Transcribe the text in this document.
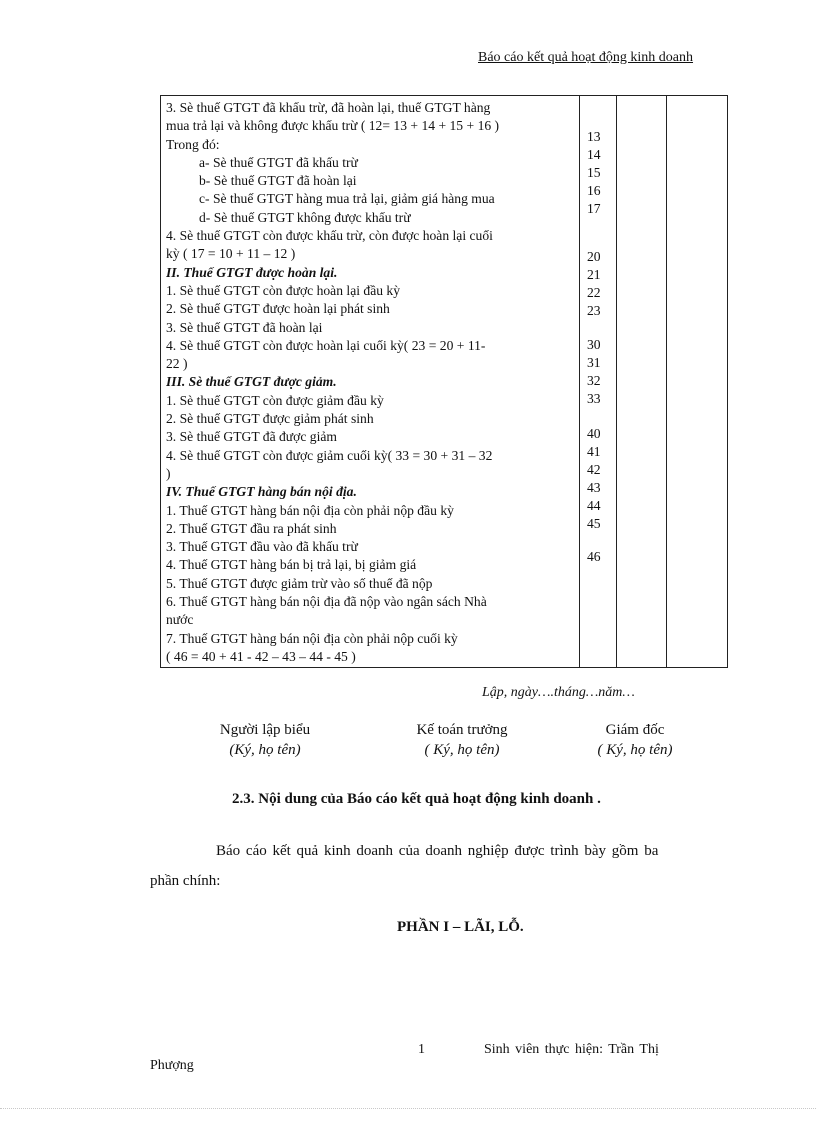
Báo cáo kết quả hoạt động kinh doanh
3. Sè thuế GTGT đã khấu trừ, đã hoàn lại, thuế GTGT hàng
mua trả lại và không được khấu trừ ( 12= 13 + 14 + 15 + 16 )
Trong đó:
a- Sè thuế GTGT đã khấu trừ
b- Sè thuế GTGT đã hoàn lại
c- Sè thuế GTGT hàng mua trả lại, giảm giá hàng mua
d- Sè thuế GTGT không được khấu trừ
4. Sè thuế GTGT còn được khấu trừ, còn được hoàn lại cuối
kỳ ( 17 = 10 + 11 – 12 )
II. Thuế GTGT được hoàn lại.
1. Sè thuế GTGT còn được hoàn lại đầu kỳ
2. Sè thuế GTGT được hoàn lại phát sinh
3. Sè thuế GTGT đã hoàn lại
4. Sè thuế GTGT còn được hoàn lại cuối kỳ( 23 = 20 + 11-
22 )
III. Sè thuế GTGT được giảm.
1. Sè thuế GTGT còn được giảm đầu kỳ
2. Sè thuế GTGT được giảm phát sinh
3. Sè thuế GTGT đã được giảm
4. Sè thuế GTGT còn được giảm cuối kỳ( 33 = 30 + 31 – 32
)
IV. Thuế GTGT hàng bán nội địa.
1. Thuế GTGT hàng bán nội địa còn phải nộp đầu kỳ
2. Thuế GTGT đầu ra phát sinh
3. Thuế GTGT đầu vào đã khấu trừ
4. Thuế GTGT hàng bán bị trả lại, bị giảm giá
5. Thuế GTGT được giảm trừ vào số thuế đã nộp
6. Thuế GTGT hàng bán nội địa đã nộp vào ngân sách Nhà
nước
7. Thuế GTGT hàng bán nội địa còn phải nộp cuối kỳ
( 46 = 40 + 41 - 42 – 43 – 44 - 45 )
13
14
15
16
17
20
21
22
23
30
31
32
33
40
41
42
43
44
45
46
Lập, ngày….tháng…năm…
Người lập biểu
(Ký, họ tên)
Kế toán trưởng
( Ký, họ tên)
Giám đốc
( Ký, họ tên)
2.3. Nội dung của Báo cáo kết quả hoạt động kinh doanh .
Báo cáo kết quả kinh doanh của doanh nghiệp được trình bày gồm ba
phần chính:
PHẦN I – LÃI, LỖ.
1	Sinh viên thực hiện: Trần Thị
Phượng
